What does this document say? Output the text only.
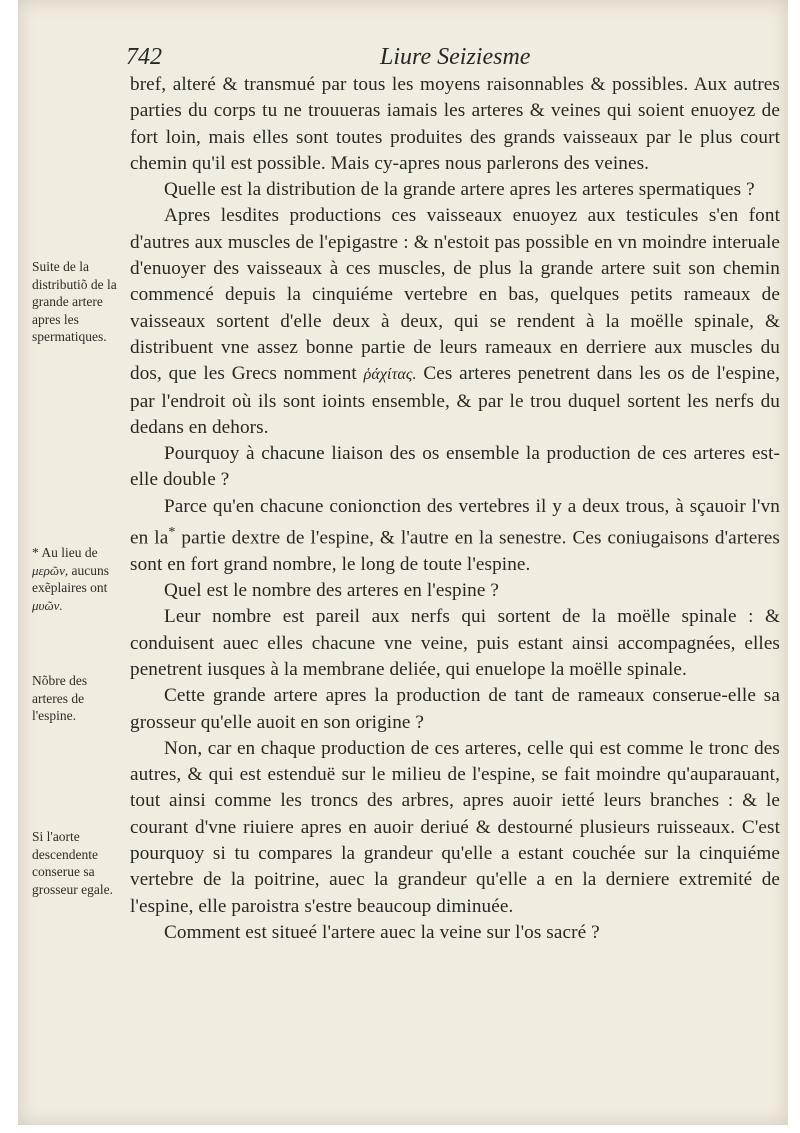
742	Liure Seiziesme
Suite de la distributiõ de la grande artere apres les spermatiques.
* Au lieu de μερῶν, aucuns exẽplaires ont μυῶν.
Nõbre des arteres de l'espine.
Si l'aorte descendente conserue sa grosseur egale.

bref, alteré & transmué par tous les moyens raisonnables & possibles. Aux autres parties du corps tu ne trouueras iamais les arteres & veines qui soient enuoyez de fort loin, mais elles sont toutes produites des grands vaisseaux par le plus court chemin qu'il est possible. Mais cy-apres nous parlerons des veines.

Quelle est la distribution de la grande artere apres les arteres spermatiques ?

Apres lesdites productions ces vaisseaux enuoyez aux testicules s'en font d'autres aux muscles de l'epigastre : & n'estoit pas possible en vn moindre interuale d'enuoyer des vaisseaux à ces muscles, de plus la grande artere suit son chemin commencé depuis la cinquiéme vertebre en bas, quelques petits rameaux de vaisseaux sortent d'elle deux à deux, qui se rendent à la moëlle spinale, & distribuent vne assez bonne partie de leurs rameaux en derriere aux muscles du dos, que les Grecs nomment ῥάχίτας. Ces arteres penetrent dans les os de l'espine, par l'endroit où ils sont ioints ensemble, & par le trou duquel sortent les nerfs du dedans en dehors.

Pourquoy à chacune liaison des os ensemble la production de ces arteres est-elle double ?

Parce qu'en chacune conionction des vertebres il y a deux trous, à sçauoir l'vn en la* partie dextre de l'espine, & l'autre en la senestre. Ces coniugaisons d'arteres sont en fort grand nombre, le long de toute l'espine.

Quel est le nombre des arteres en l'espine ?

Leur nombre est pareil aux nerfs qui sortent de la moëlle spinale : & conduisent auec elles chacune vne veine, puis estant ainsi accompagnées, elles penetrent iusques à la membrane deliée, qui enuelope la moëlle spinale.

Cette grande artere apres la production de tant de rameaux conserue-elle sa grosseur qu'elle auoit en son origine ?

Non, car en chaque production de ces arteres, celle qui est comme le tronc des autres, & qui est estenduë sur le milieu de l'espine, se fait moindre qu'auparauant, tout ainsi comme les troncs des arbres, apres auoir ietté leurs branches : & le courant d'vne riuiere apres en auoir deriué & destourné plusieurs ruisseaux. C'est pourquoy si tu compares la grandeur qu'elle a estant couchée sur la cinquiéme vertebre de la poitrine, auec la grandeur qu'elle a en la derniere extremité de l'espine, elle paroistra s'estre beaucoup diminuée.

Comment est situeé l'artere auec la veine sur l'os sacré ?
